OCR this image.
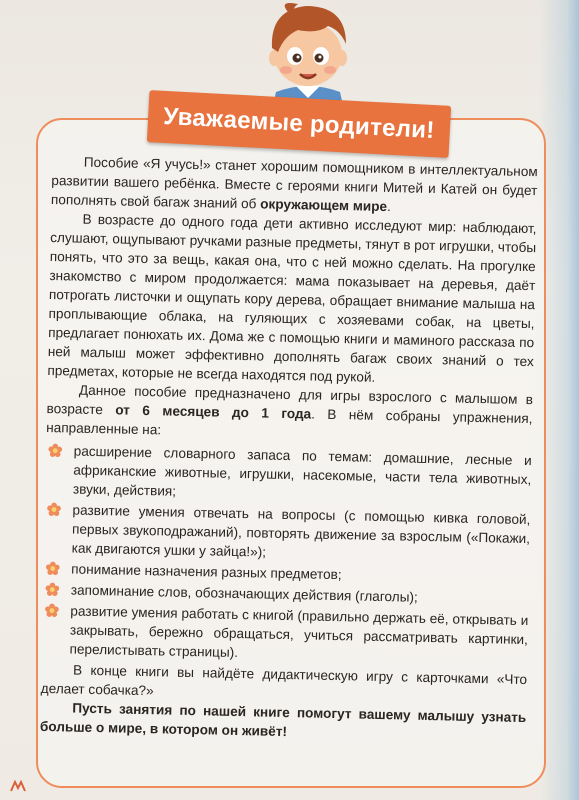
Уважаемые родители!

Пособие «Я учусь!» станет хорошим помощником в интеллектуальном развитии вашего ребёнка. Вместе с героями книги Митей и Катей он будет пополнять свой багаж знаний об окружающем мире.

В возрасте до одного года дети активно исследуют мир: наблюдают, слушают, ощупывают ручками разные предметы, тянут в рот игрушки, чтобы понять, что это за вещь, какая она, что с ней можно сделать. На прогулке знакомство с миром продолжается: мама показывает на деревья, даёт потрогать листочки и ощупать кору дерева, обращает внимание малыша на проплывающие облака, на гуляющих с хозяевами собак, на цветы, предлагает понюхать их. Дома же с помощью книги и маминого рассказа по ней малыш может эффективно дополнять багаж своих знаний о тех предметах, которые не всегда находятся под рукой.

Данное пособие предназначено для игры взрослого с малышом в возрасте от 6 месяцев до 1 года. В нём собраны упражнения, направленные на:

расширение словарного запаса по темам: домашние, лесные и африканские животные, игрушки, насекомые, части тела животных, звуки, действия;
развитие умения отвечать на вопросы (с помощью кивка головой, первых звукоподражаний), повторять движение за взрослым («Покажи, как двигаются ушки у зайца!»);
понимание назначения разных предметов;
запоминание слов, обозначающих действия (глаголы);
развитие умения работать с книгой (правильно держать её, открывать и закрывать, бережно обращаться, учиться рассматривать картинки, перелистывать страницы).

В конце книги вы найдёте дидактическую игру с карточками «Что делает собачка?»

Пусть занятия по нашей книге помогут вашему малышу узнать больше о мире, в котором он живёт!
